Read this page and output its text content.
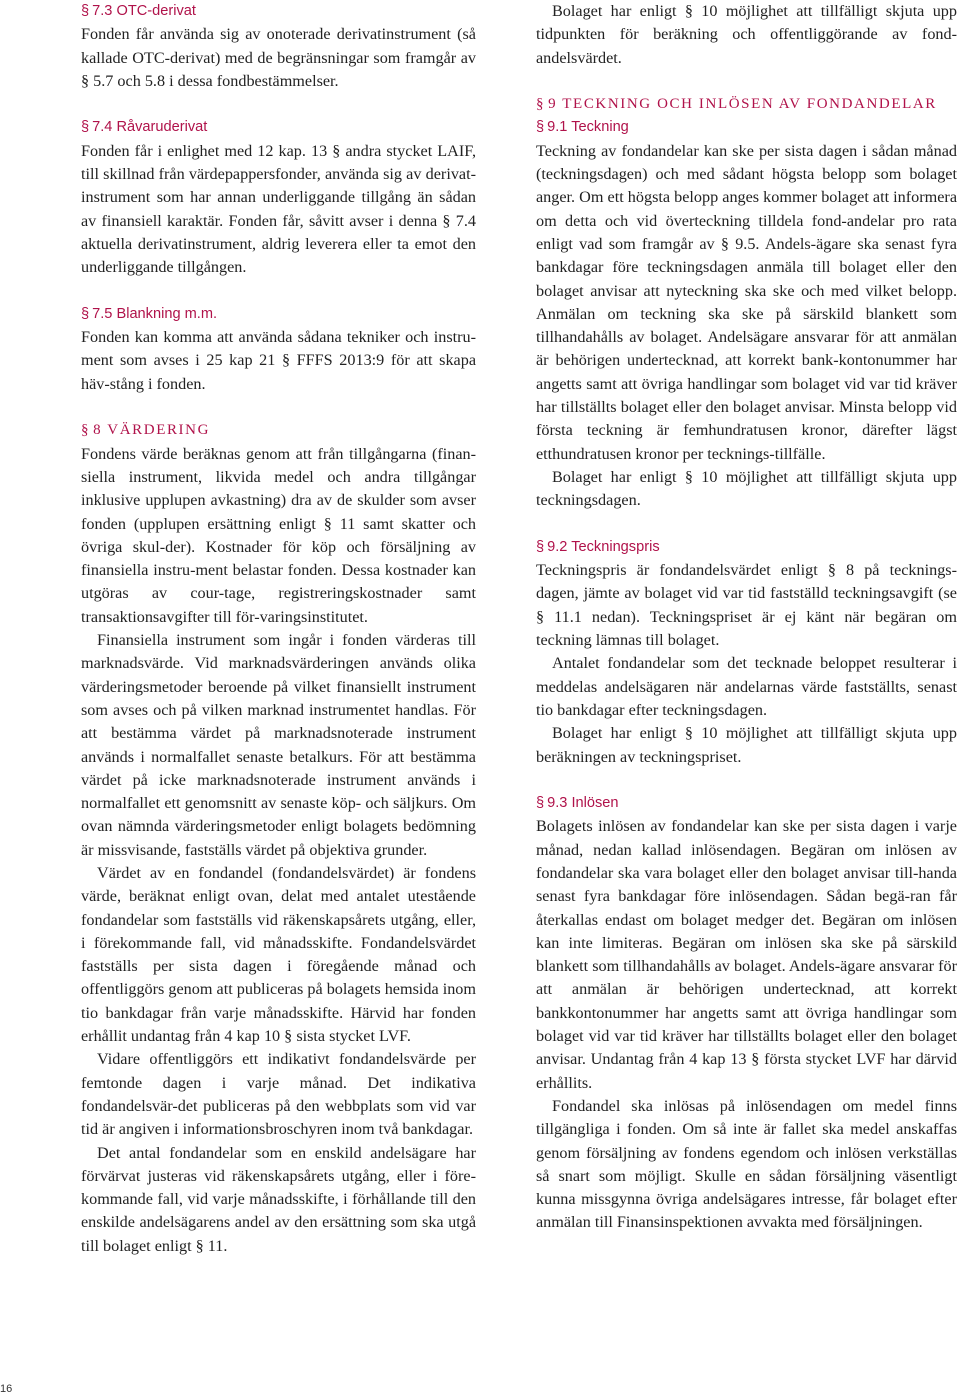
§ 7.3 OTC-derivat

Fonden får använda sig av onoterade derivatinstrument (så kallade OTC-derivat) med de begränsningar som framgår av § 5.7 och 5.8 i dessa fondbestämmelser.

§ 7.4 Råvaruderivat

Fonden får i enlighet med 12 kap. 13 § andra stycket LAIF, till skillnad från värdepappersfonder, använda sig av derivat-instrument som har annan underliggande tillgång än sådan av finansiell karaktär. Fonden får, såvitt avser i denna § 7.4 aktuella derivatinstrument, aldrig leverera eller ta emot den underliggande tillgången.

§ 7.5 Blankning m.m.

Fonden kan komma att använda sådana tekniker och instru-ment som avses i 25 kap 21 § FFFS 2013:9 för att skapa häv-stång i fonden.

§ 8 VÄRDERING

Fondens värde beräknas genom att från tillgångarna (finan-siella instrument, likvida medel och andra tillgångar inklusive upplupen avkastning) dra av de skulder som avser fonden (upplupen ersättning enligt § 11 samt skatter och övriga skul-der). Kostnader för köp och försäljning av finansiella instru-ment belastar fonden. Dessa kostnader kan utgöras av cour-tage, registreringskostnader samt transaktionsavgifter till för-varingsinstitutet.

Finansiella instrument som ingår i fonden värderas till marknadsvärde. Vid marknadsvärderingen används olika värderingsmetoder beroende på vilket finansiellt instrument som avses och på vilken marknad instrumentet handlas. För att bestämma värdet på marknadsnoterade instrument används i normalfallet senaste betalkurs. För att bestämma värdet på icke marknadsnoterade instrument används i normalfallet ett genomsnitt av senaste köp- och säljkurs. Om ovan nämnda värderingsmetoder enligt bolagets bedömning är missvisande, fastställs värdet på objektiva grunder.

Värdet av en fondandel (fondandelsvärdet) är fondens värde, beräknat enligt ovan, delat med antalet utestående fondandelar som fastställs vid räkenskapsårets utgång, eller, i förekommande fall, vid månadsskifte. Fondandelsvärdet fastställs per sista dagen i föregående månad och offentliggörs genom att publiceras på bolagets hemsida inom tio bankdagar från varje månadsskifte. Härvid har fonden erhållit undantag från 4 kap 10 § sista stycket LVF.

Vidare offentliggörs ett indikativt fondandelsvärde per femtonde dagen i varje månad. Det indikativa fondandelsvär-det publiceras på den webbplats som vid var tid är angiven i informationsbroschyren inom två bankdagar.

Det antal fondandelar som en enskild andelsägare har förvärvat justeras vid räkenskapsårets utgång, eller i före-kommande fall, vid varje månadsskifte, i förhållande till den enskilde andelsägarens andel av den ersättning som ska utgå till bolaget enligt § 11.

Bolaget har enligt § 10 möjlighet att tillfälligt skjuta upp tidpunkten för beräkning och offentliggörande av fond-andelsvärdet.

§ 9 TECKNING OCH INLÖSEN AV FONDANDELAR
§ 9.1 Teckning

Teckning av fondandelar kan ske per sista dagen i sådan månad (teckningsdagen) och med sådant högsta belopp som bolaget anger. Om ett högsta belopp anges kommer bolaget att informera om detta och vid överteckning tilldela fond-andelar pro rata enligt vad som framgår av § 9.5. Andels-ägare ska senast fyra bankdagar före teckningsdagen anmäla till bolaget eller den bolaget anvisar att nyteckning ska ske och med vilket belopp. Anmälan om teckning ska ske på särskild blankett som tillhandahålls av bolaget. Andelsägare ansvarar för att anmälan är behörigen undertecknad, att korrekt bank-kontonummer har angetts samt att övriga handlingar som bolaget vid var tid kräver har tillställts bolaget eller den bolaget anvisar. Minsta belopp vid första teckning är femhundratusen kronor, därefter lägst etthundratusen kronor per tecknings-tillfälle.

Bolaget har enligt § 10 möjlighet att tillfälligt skjuta upp teckningsdagen.

§ 9.2 Teckningspris

Teckningspris är fondandelsvärdet enligt § 8 på tecknings-dagen, jämte av bolaget vid var tid fastställd teckningsavgift (se § 11.1 nedan). Teckningspriset är ej känt när begäran om teckning lämnas till bolaget.

Antalet fondandelar som det tecknade beloppet resulterar i meddelas andelsägaren när andelarnas värde fastställts, senast tio bankdagar efter teckningsdagen.

Bolaget har enligt § 10 möjlighet att tillfälligt skjuta upp beräkningen av teckningspriset.

§ 9.3 Inlösen

Bolagets inlösen av fondandelar kan ske per sista dagen i varje månad, nedan kallad inlösendagen. Begäran om inlösen av fondandelar ska vara bolaget eller den bolaget anvisar till-handa senast fyra bankdagar före inlösendagen. Sådan begä-ran får återkallas endast om bolaget medger det. Begäran om inlösen kan inte limiteras. Begäran om inlösen ska ske på särskild blankett som tillhandahålls av bolaget. Andels-ägare ansvarar för att anmälan är behörigen undertecknad, att korrekt bankkontonummer har angetts samt att övriga handlingar som bolaget vid var tid kräver har tillställts bolaget eller den bolaget anvisar. Undantag från 4 kap 13 § första stycket LVF har därvid erhållits.

Fondandel ska inlösas på inlösendagen om medel finns tillgängliga i fonden. Om så inte är fallet ska medel anskaffas genom försäljning av fondens egendom och inlösen verkställas så snart som möjligt. Skulle en sådan försäljning väsentligt kunna missgynna övriga andelsägares intresse, får bolaget efter anmälan till Finansinspektionen avvakta med försäljningen.

16
